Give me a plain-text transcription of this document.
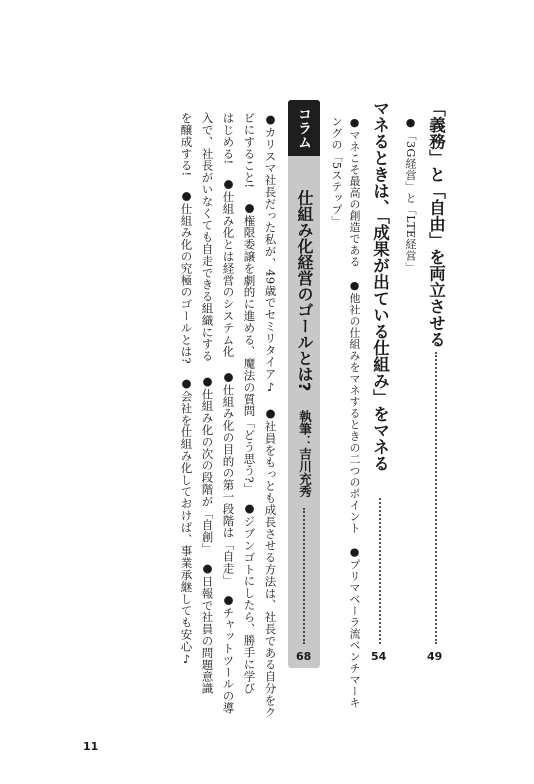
「義務」と「自由」を両立させる
49
●「3G経営」と「LTE経営」
マネるときは、「成果が出ている仕組み」をマネる
54
●マネこそ最高の創造である　●他社の仕組みをマネするときの二つのポイント　●プリマベーラ流ベンチマーキ
ングの「5ステップ」
コラム
仕組み化経営のゴールとは?
執筆：吉川充秀
68
●カリスマ社長だった私が、49歳でセミリタイア♪　●社員をもっとも成長させる方法は、社長である自分をク
ビにすること!　●権限委譲を劇的に進める、魔法の質問「どう思う?」　●ジブンゴトにしたら、勝手に学び
はじめる!　●仕組み化とは経営のシステム化　●仕組み化の目的の第一段階は「自走」　●チャットツールの導
入で、社長がいなくても自走できる組織にする　●仕組み化の次の段階が「自創」　●日報で社員の問題意識
を醸成する!　●仕組み化の究極のゴールとは?　●会社を仕組み化しておけば、事業承継しても安心♪
11
